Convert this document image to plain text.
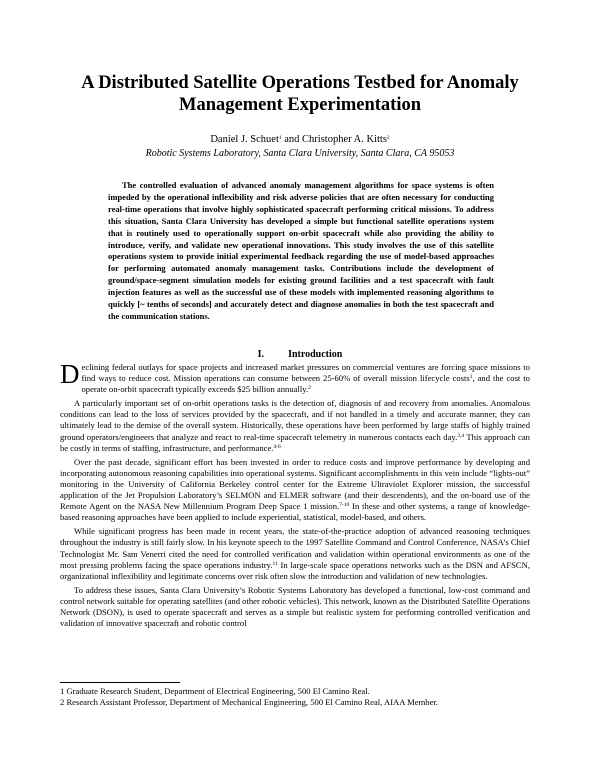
A Distributed Satellite Operations Testbed for Anomaly Management Experimentation
Daniel J. Schuet$^1$ and Christopher A. Kitts$^2$
Robotic Systems Laboratory, Santa Clara University, Santa Clara, CA 95053
The controlled evaluation of advanced anomaly management algorithms for space systems is often impeded by the operational inflexibility and risk adverse policies that are often necessary for conducting real-time operations that involve highly sophisticated spacecraft performing critical missions. To address this situation, Santa Clara University has developed a simple but functional satellite operations system that is routinely used to operationally support on-orbit spacecraft while also providing the ability to introduce, verify, and validate new operational innovations. This study involves the use of this satellite operations system to provide initial experimental feedback regarding the use of model-based approaches for performing automated anomaly management tasks. Contributions include the development of ground/space-segment simulation models for existing ground facilities and a test spacecraft with fault injection features as well as the successful use of these models with implemented reasoning algorithms to quickly [~ tenths of seconds] and accurately detect and diagnose anomalies in both the test spacecraft and the communication stations.
I. Introduction

Declining federal outlays for space projects and increased market pressures on commercial ventures are forcing space missions to find ways to reduce cost. Mission operations can consume between 25-60% of overall mission lifecycle costs$^1$, and the cost to operate on-orbit spacecraft typically exceeds $25 billion annually.$^2$

A particularly important set of on-orbit operations tasks is the detection of, diagnosis of and recovery from anomalies. Anomalous conditions can lead to the loss of services provided by the spacecraft, and if not handled in a timely and accurate manner, they can ultimately lead to the demise of the overall system. Historically, these operations have been performed by large staffs of highly trained ground operators/engineers that analyze and react to real-time spacecraft telemetry in numerous contacts each day.$^{3,4}$ This approach can be costly in terms of staffing, infrastructure, and performance.$^{4-6}$

Over the past decade, significant effort has been invested in order to reduce costs and improve performance by developing and incorporating autonomous reasoning capabilities into operational systems. Significant accomplishments in this vein include “lights-out” monitoring in the University of California Berkeley control center for the Extreme Ultraviolet Explorer mission, the successful application of the Jet Propulsion Laboratory’s SELMON and ELMER software (and their descendents), and the on-board use of the Remote Agent on the NASA New Millennium Program Deep Space 1 mission.$^{7-10}$ In these and other systems, a range of knowledge-based reasoning approaches have been applied to include experiential, statistical, model-based, and others.

While significant progress has been made in recent years, the state-of-the-practice adoption of advanced reasoning techniques throughout the industry is still fairly slow. In his keynote speech to the 1997 Satellite Command and Control Conference, NASA’s Chief Technologist Mr. Sam Venerri cited the need for controlled verification and validation within operational environments as one of the most pressing problems facing the space operations industry.$^{11}$ In large-scale space operations networks such as the DSN and AFSCN, organizational inflexibility and legitimate concerns over risk often slow the introduction and validation of new technologies.

To address these issues, Santa Clara University’s Robotic Systems Laboratory has developed a functional, low-cost command and control network suitable for operating satellites (and other robotic vehicles). This network, known as the Distributed Satellite Operations Network (DSON), is used to operate spacecraft and serves as a simple but realistic system for performing controlled verification and validation of innovative spacecraft and robotic control

1 Graduate Research Student, Department of Electrical Engineering, 500 El Camino Real.
2 Research Assistant Professor, Department of Mechanical Engineering, 500 El Camino Real, AIAA Member.
